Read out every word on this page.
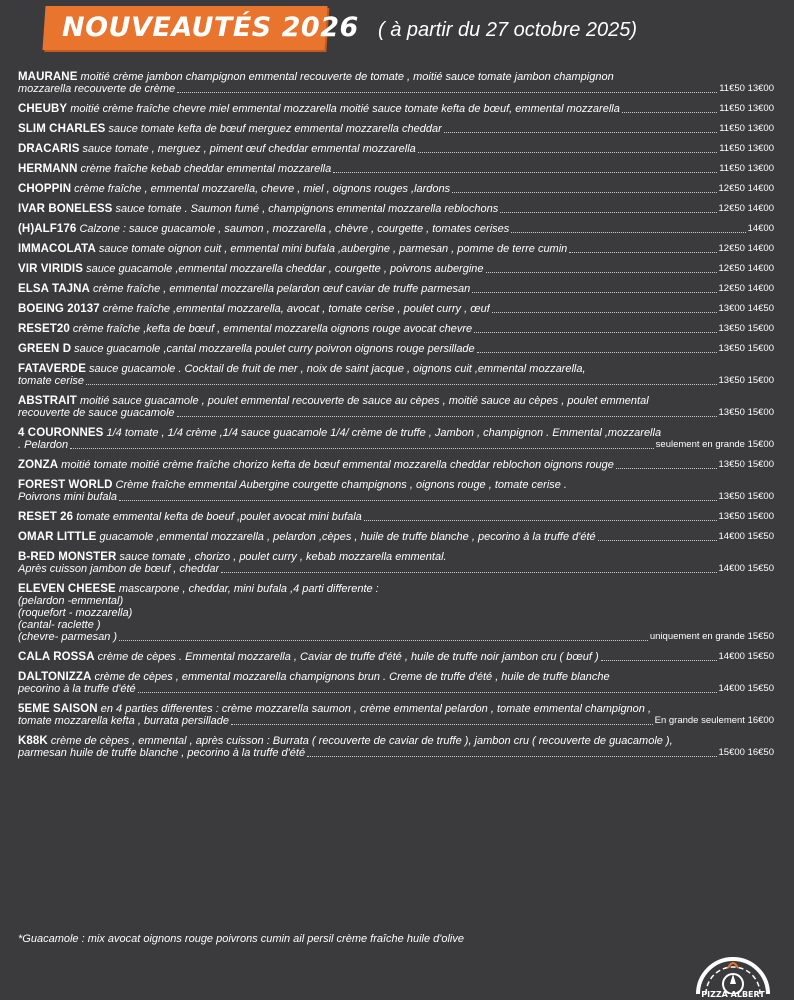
NOUVEAUTÉS 2026 ( à partir du 27 octobre 2025)
MAURANE moitié crème jambon champignon emmental recouverte de tomate , moitié sauce tomate jambon champignon
mozzarella recouverte de crème	11€50 13€00
CHEUBY moitié crème fraîche chevre miel emmental mozzarella moitié sauce tomate kefta de bœuf, emmental mozzarella	11€50 13€00
SLIM CHARLES sauce tomate kefta de bœuf merguez emmental mozzarella cheddar	11€50 13€00
DRACARIS sauce tomate , merguez , piment œuf cheddar emmental mozzarella	11€50 13€00
HERMANN crème fraîche kebab cheddar emmental mozzarella	11€50 13€00
CHOPPIN crème fraîche , emmental mozzarella, chevre , miel , oignons rouges ,lardons	12€50 14€00
IVAR BONELESS sauce tomate . Saumon fumé , champignons emmental mozzarella reblochons	12€50 14€00
(H)ALF176 Calzone : sauce guacamole , saumon , mozzarella , chèvre , courgette , tomates cerises	14€00
IMMACOLATA sauce tomate oignon cuit , emmental mini bufala ,aubergine , parmesan , pomme de terre cumin	12€50 14€00
VIR VIRIDIS sauce guacamole ,emmental mozzarella cheddar , courgette , poivrons aubergine	12€50 14€00
ELSA TAJNA crème fraîche , emmental mozzarella pelardon œuf caviar de truffe parmesan	12€50 14€00
BOEING 20137 crème fraîche ,emmental mozzarella, avocat , tomate cerise , poulet curry , œuf	13€00 14€50
RESET20 crème fraîche ,kefta de bœuf , emmental mozzarella oignons rouge avocat chevre	13€50 15€00
GREEN D sauce guacamole ,cantal mozzarella poulet curry poivron oignons rouge persillade	13€50 15€00
FATAVERDE sauce guacamole . Cocktail de fruit de mer , noix de saint jacque , oignons cuit ,emmental mozzarella,
tomate cerise	13€50 15€00
ABSTRAIT moitié sauce guacamole , poulet emmental recouverte de sauce au cèpes , moitié sauce au cèpes , poulet emmental
recouverte de sauce guacamole	13€50 15€00
4 COURONNES 1/4 tomate , 1/4 crème ,1/4 sauce guacamole 1/4/ crème de truffe , Jambon , champignon . Emmental ,mozzarella
. Pelardon	seulement en grande 15€00
ZONZA moitié tomate moitié crème fraîche chorizo kefta de bœuf emmental mozzarella cheddar reblochon oignons rouge	13€50 15€00
FOREST WORLD Crème fraîche emmental Aubergine courgette champignons , oignons rouge , tomate cerise .
Poivrons mini bufala	13€50 15€00
RESET 26 tomate emmental kefta de boeuf ,poulet avocat mini bufala	13€50 15€00
OMAR LITTLE guacamole ,emmental mozzarella , pelardon ,cèpes , huile de truffe blanche , pecorino à la truffe d'été	14€00 15€50
B-RED MONSTER sauce tomate , chorizo , poulet curry , kebab mozzarella emmental.
Après cuisson jambon de bœuf , cheddar	14€00 15€50
ELEVEN CHEESE mascarpone , cheddar, mini bufala ,4 parti differente :
(pelardon -emmental)
(roquefort - mozzarella)
(cantal- raclette )
(chevre- parmesan )	uniquement en grande 15€50
CALA ROSSA crème de cèpes . Emmental mozzarella , Caviar de truffe d'été , huile de truffe noir jambon cru ( bœuf )	14€00 15€50
DALTONIZZA crème de cèpes , emmental mozzarella champignons brun . Creme de truffe d'été , huile de truffe blanche
pecorino à la truffe d'été	14€00 15€50
5EME SAISON en 4 parties differentes : crème mozzarella saumon , crème emmental pelardon , tomate emmental champignon ,
tomate mozzarella kefta , burrata persillade	En grande seulement 16€00
K88K crème de cèpes , emmental , après cuisson : Burrata ( recouverte de caviar de truffe ), jambon cru ( recouverte de guacamole ),
parmesan huile de truffe blanche , pecorino à la truffe d'été	15€00 16€50
*Guacamole : mix avocat oignons rouge poivrons cumin ail persil crème fraîche huile d'olive
PIZZA ALBERT
